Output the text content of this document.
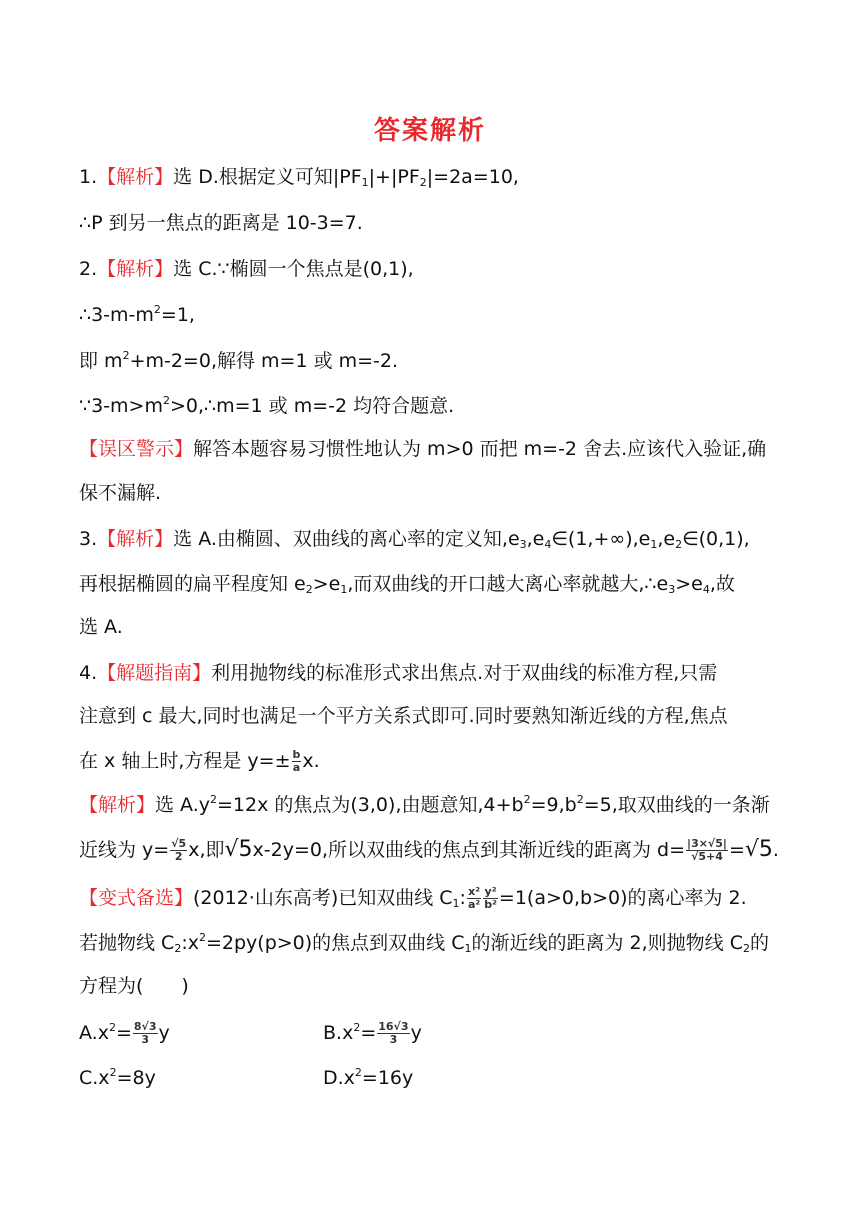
答案解析
1.【解析】选 D.根据定义可知$|PF_1|+|PF_2|=2a=10$,
∴P 到另一焦点的距离是 10-3=7.
2.【解析】选 C.∵椭圆一个焦点是(0,1),
$\therefore 3-m-m^2=1$,
即 $m^2+m-2=0$,解得 m=1 或 m=-2.
$\because 3-m>m^2>0,\therefore m=1$ 或 m=-2 均符合题意.
【误区警示】解答本题容易习惯性地认为 m>0 而把 m=-2 舍去.应该代入验证,确
保不漏解.
3.【解析】选 A.由椭圆、双曲线的离心率的定义知$,e_3,e_4\in(1,+\infty),e_1,e_2\in(0,1)$,
再根据椭圆的扁平程度知 $e_2>e_1$,而双曲线的开口越大离心率就越大$,\therefore e_3>e_4$,故
选 A.
4.【解题指南】利用抛物线的标准形式求出焦点.对于双曲线的标准方程,只需
注意到 c 最大,同时也满足一个平方关系式即可.同时要熟知渐近线的方程,焦点
在 x 轴上时,方程是 $y=\pm \frac{b}{a} x$.
【解析】选 $A.y^2=12x$ 的焦点为(3,0),由题意知$,4+b^2=9,b^2=5$,取双曲线的一条渐
近线为 $y= \frac{√5}{2} x$,即√5x-2y=0,所以双曲线的焦点到其渐近线的距离为 $d= \frac{|3\times√5|}{√5+4} =√5$.
【变式备选】(2012·山东高考)已知双曲线 $C_1$: $\frac{\text{x²}}{\text{a²}} \frac{\text{y²}}{\text{b²}} =1(a>0,b>0)$的离心率为 2.
若抛物线 $C_2:x^2=2py(p>0)$的焦点到双曲线 $C_1$的渐近线的距离为 2,则抛物线 $C_2$的
方程为(　　)
$A.x^2= \frac{8√3}{3}$ y	$B.x^2= \frac{16√3}{3}$ y
$C.x^2=8y$	$D.x^2=16y$
